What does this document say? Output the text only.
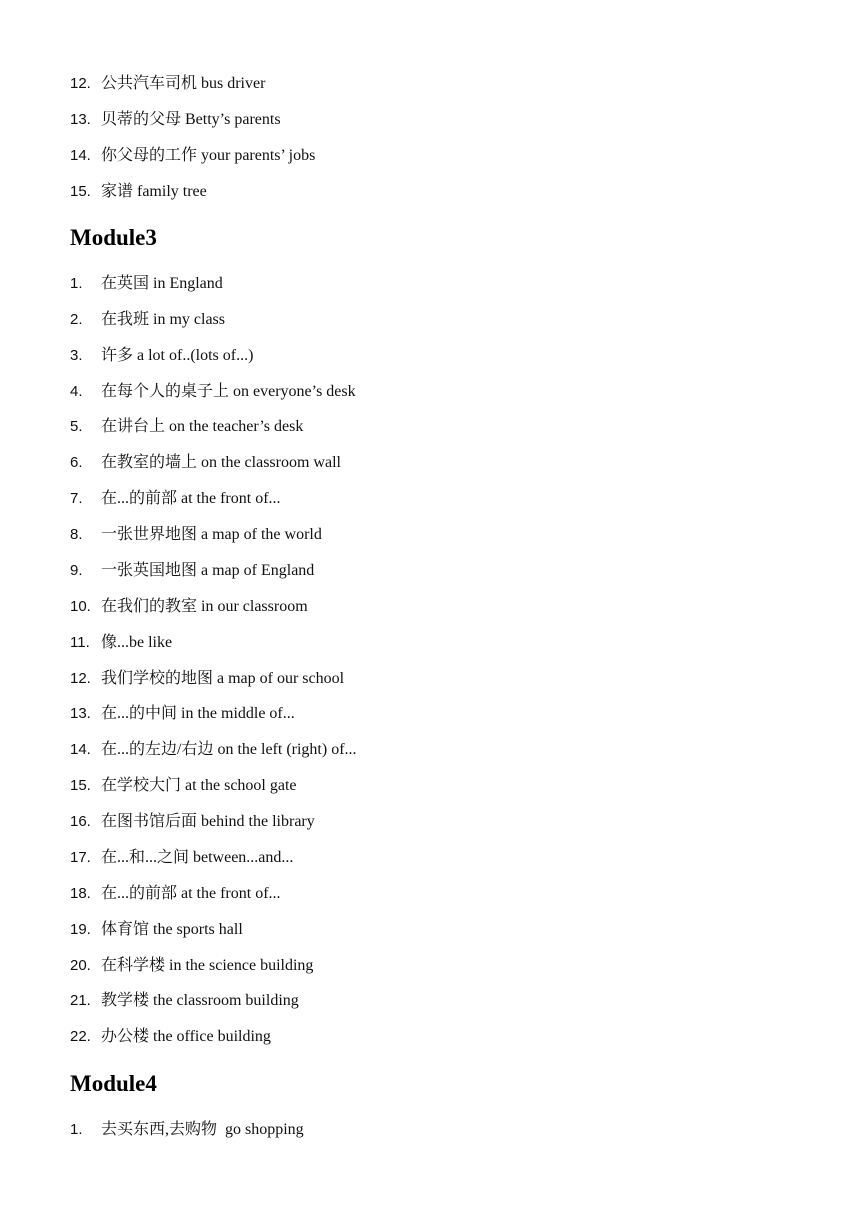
12. 公共汽车司机 bus driver
13. 贝蒂的父母 Betty’s parents
14. 你父母的工作 your parents’ jobs
15. 家谱 family tree
Module3
1. 在英国 in England
2. 在我班 in my class
3. 许多 a lot of..(lots of...)
4. 在每个人的桌子上 on everyone’s desk
5. 在讲台上 on the teacher’s desk
6. 在教室的墙上 on the classroom wall
7. 在...的前部 at the front of...
8. 一张世界地图 a map of the world
9. 一张英国地图 a map of England
10. 在我们的教室 in our classroom
11. 像...be like
12. 我们学校的地图 a map of our school
13. 在...的中间 in the middle of...
14. 在...的左边/右边 on the left (right) of...
15. 在学校大门 at the school gate
16. 在图书馆后面 behind the library
17. 在...和...之间 between...and...
18. 在...的前部 at the front of...
19. 体育馆 the sports hall
20. 在科学楼 in the science building
21. 教学楼 the classroom building
22. 办公楼 the office building
Module4
1. 去买东西,去购物  go shopping
